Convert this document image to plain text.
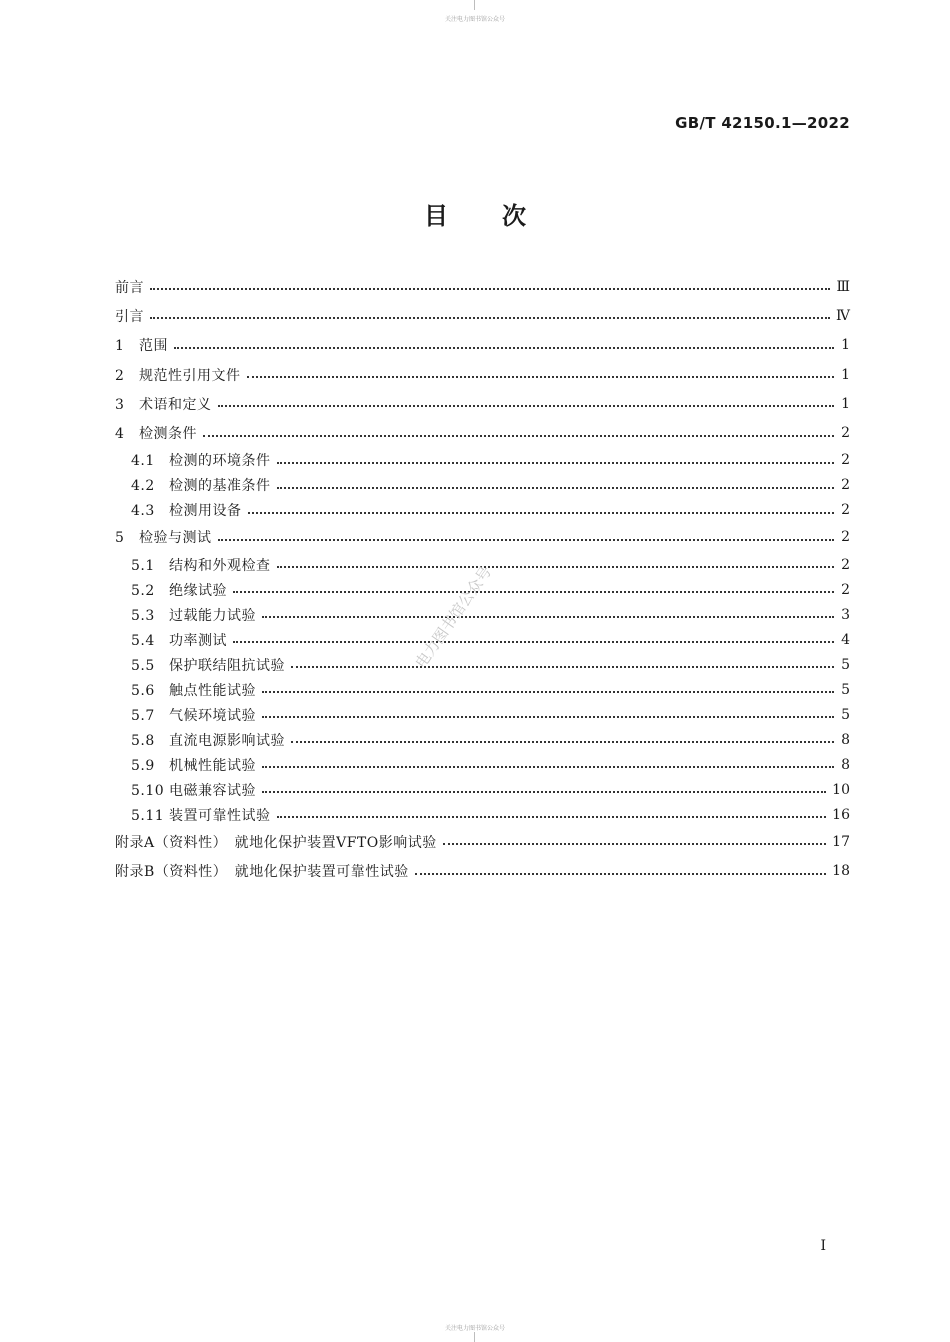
关注电力图书馆公众号
GB/T 42150.1—2022
目次
前言	Ⅲ
引言	Ⅳ
1 范围	1
2 规范性引用文件	1
3 术语和定义	1
4 检测条件	2
4.1 检测的环境条件	2
4.2 检测的基准条件	2
4.3 检测用设备	2
5 检验与测试	2
5.1 结构和外观检查	2
5.2 绝缘试验	2
5.3 过载能力试验	3
5.4 功率测试	4
5.5 保护联结阻抗试验	5
5.6 触点性能试验	5
5.7 气候环境试验	5
5.8 直流电源影响试验	8
5.9 机械性能试验	8
5.10 电磁兼容试验	10
5.11 装置可靠性试验	16
附录A（资料性）　就地化保护装置VFTO影响试验	17
附录B（资料性）　就地化保护装置可靠性试验	18
电力图书馆公众号
Ⅰ
关注电力图书馆公众号
